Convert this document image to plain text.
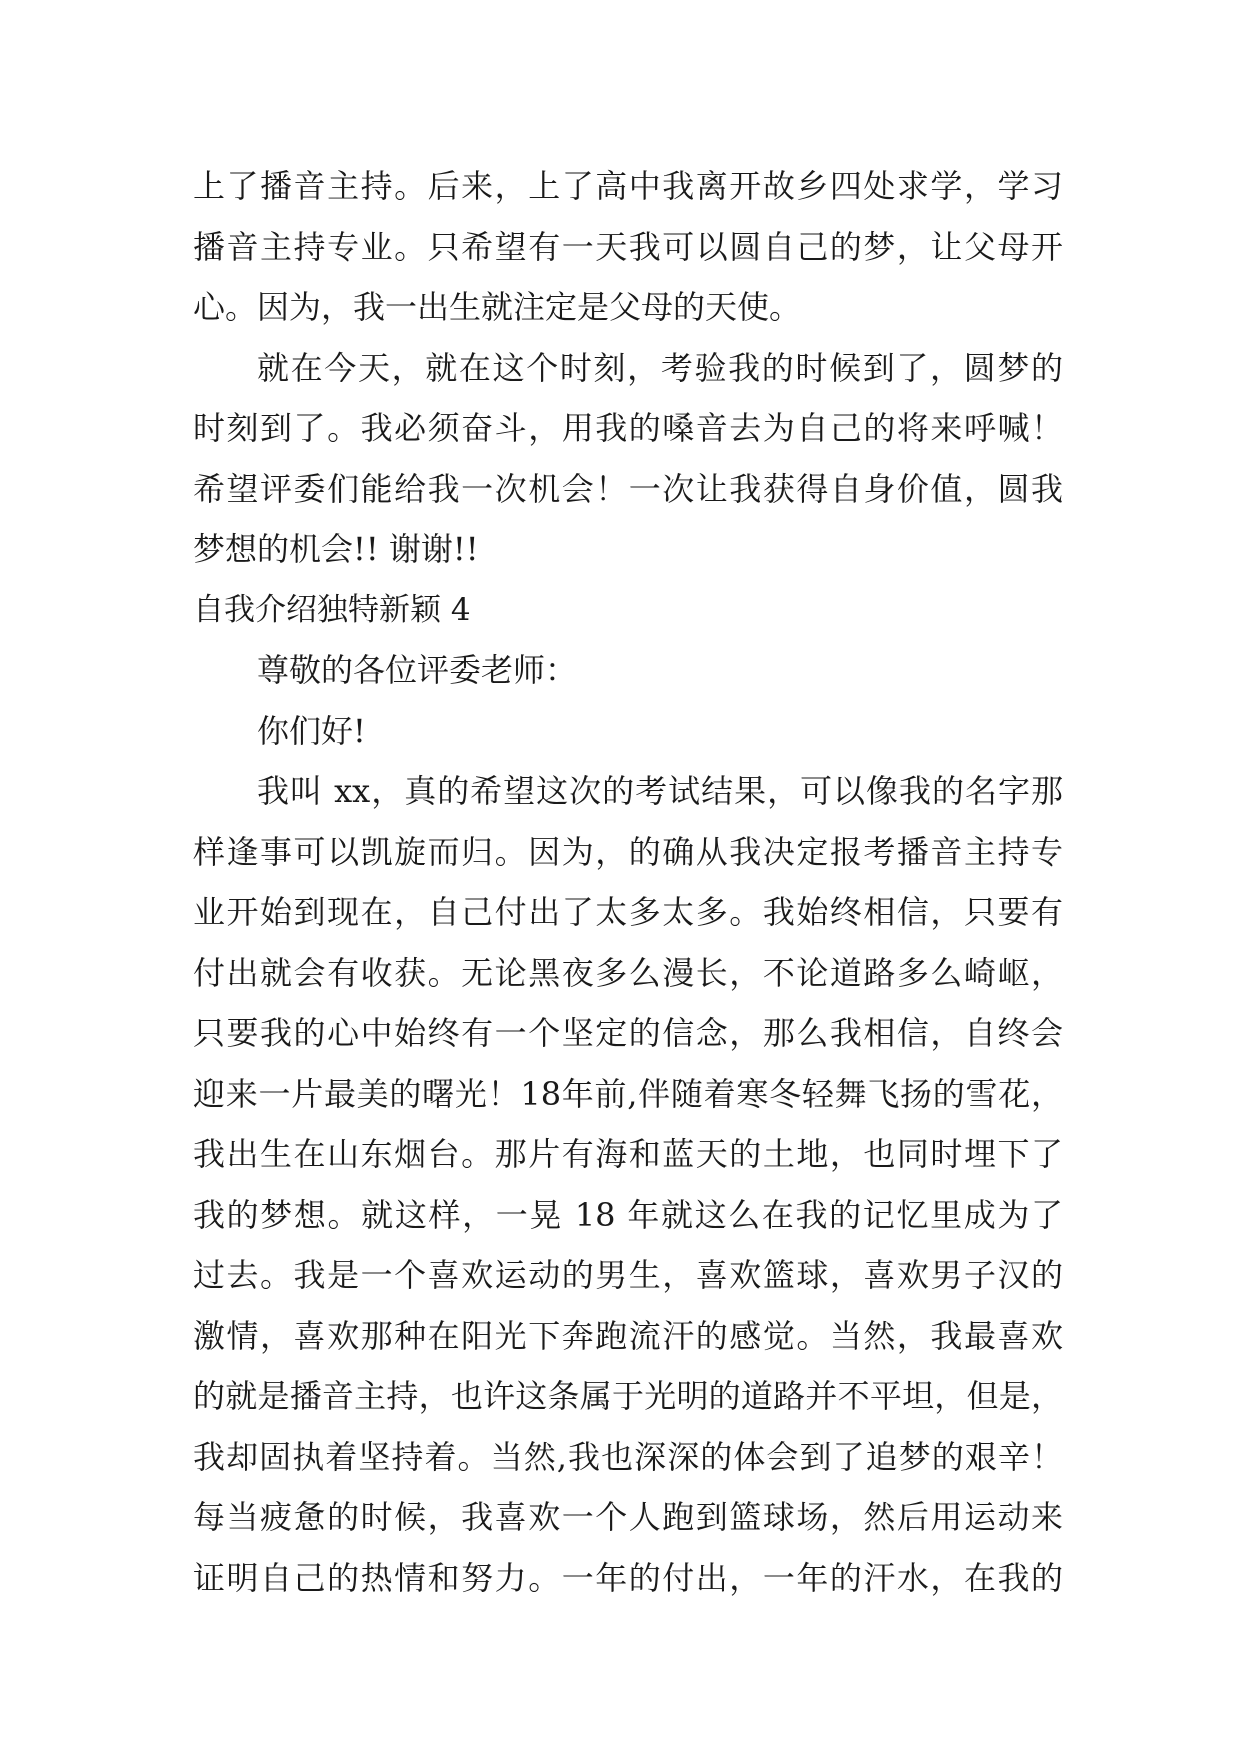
上了播音主持。后来，上了高中我离开故乡四处求学，学习
播音主持专业。只希望有一天我可以圆自己的梦，让父母开
心。因为，我一出生就注定是父母的天使。
就在今天，就在这个时刻，考验我的时候到了，圆梦的
时刻到了。我必须奋斗，用我的嗓音去为自己的将来呼喊！
希望评委们能给我一次机会！一次让我获得自身价值，圆我
梦想的机会!! 谢谢!!
自我介绍独特新颖 4
尊敬的各位评委老师：
你们好!
我叫 xx，真的希望这次的考试结果，可以像我的名字那
样逢事可以凯旋而归。因为，的确从我决定报考播音主持专
业开始到现在，自己付出了太多太多。我始终相信，只要有
付出就会有收获。无论黑夜多么漫长，不论道路多么崎岖，
只要我的心中始终有一个坚定的信念，那么我相信，自终会
迎来一片最美的曙光！18年前,伴随着寒冬轻舞飞扬的雪花，
我出生在山东烟台。那片有海和蓝天的土地，也同时埋下了
我的梦想。就这样，一晃 18 年就这么在我的记忆里成为了
过去。我是一个喜欢运动的男生，喜欢篮球，喜欢男子汉的
激情，喜欢那种在阳光下奔跑流汗的感觉。当然，我最喜欢
的就是播音主持，也许这条属于光明的道路并不平坦，但是，
我却固执着坚持着。当然,我也深深的体会到了追梦的艰辛！
每当疲惫的时候，我喜欢一个人跑到篮球场，然后用运动来
证明自己的热情和努力。一年的付出，一年的汗水，在我的
